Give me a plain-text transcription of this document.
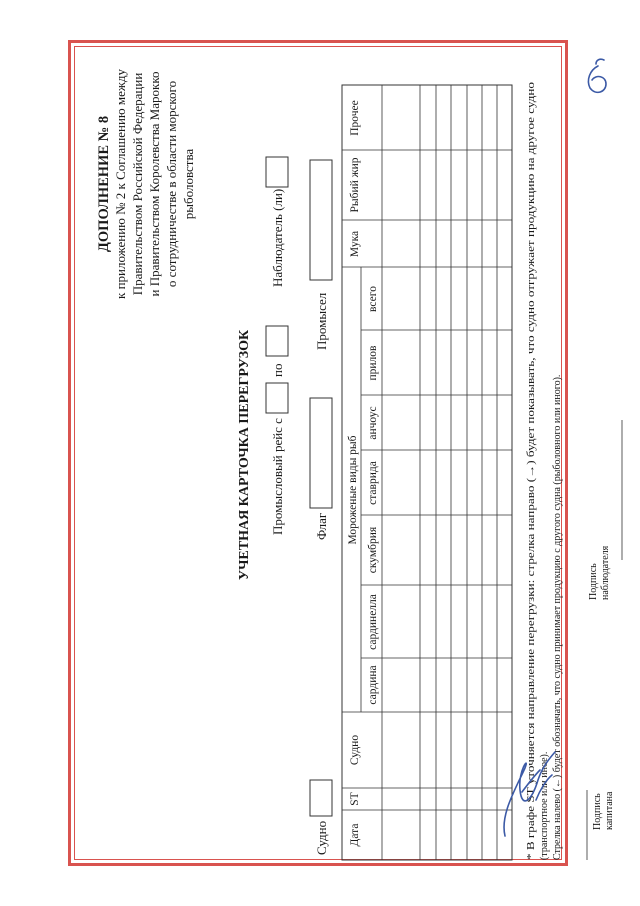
ДОПОЛНЕНИЕ № 8 к приложению № 2 к Соглашению между Правительством Российской Федерации и Правительством Королевства Марокко о сотрудничестве в области морского рыболовства
УЧЕТНАЯ КАРТОЧКА ПЕРЕГРУЗОК Промысловый рейс с
по
Наблюдатель (ли)
Судно
Флаг
Промысел
Дата
ST
Судно
Мороженые виды рыб
сардина
сардинелла
скумбрия
ставрида
анчоус
прилов
всего
Мука
Рыбий жир
Прочее
* В графе ST уточняется направление перегрузки: стрелка направо (→) будет показывать, что судно отгружает продукцию на другое судно (транспортное или иное). Стрелка налево (←) будет обозначать, что судно принимает продукцию с другого судна (рыболовного или иного).	Подпись капитана
Подпись наблюдателя
